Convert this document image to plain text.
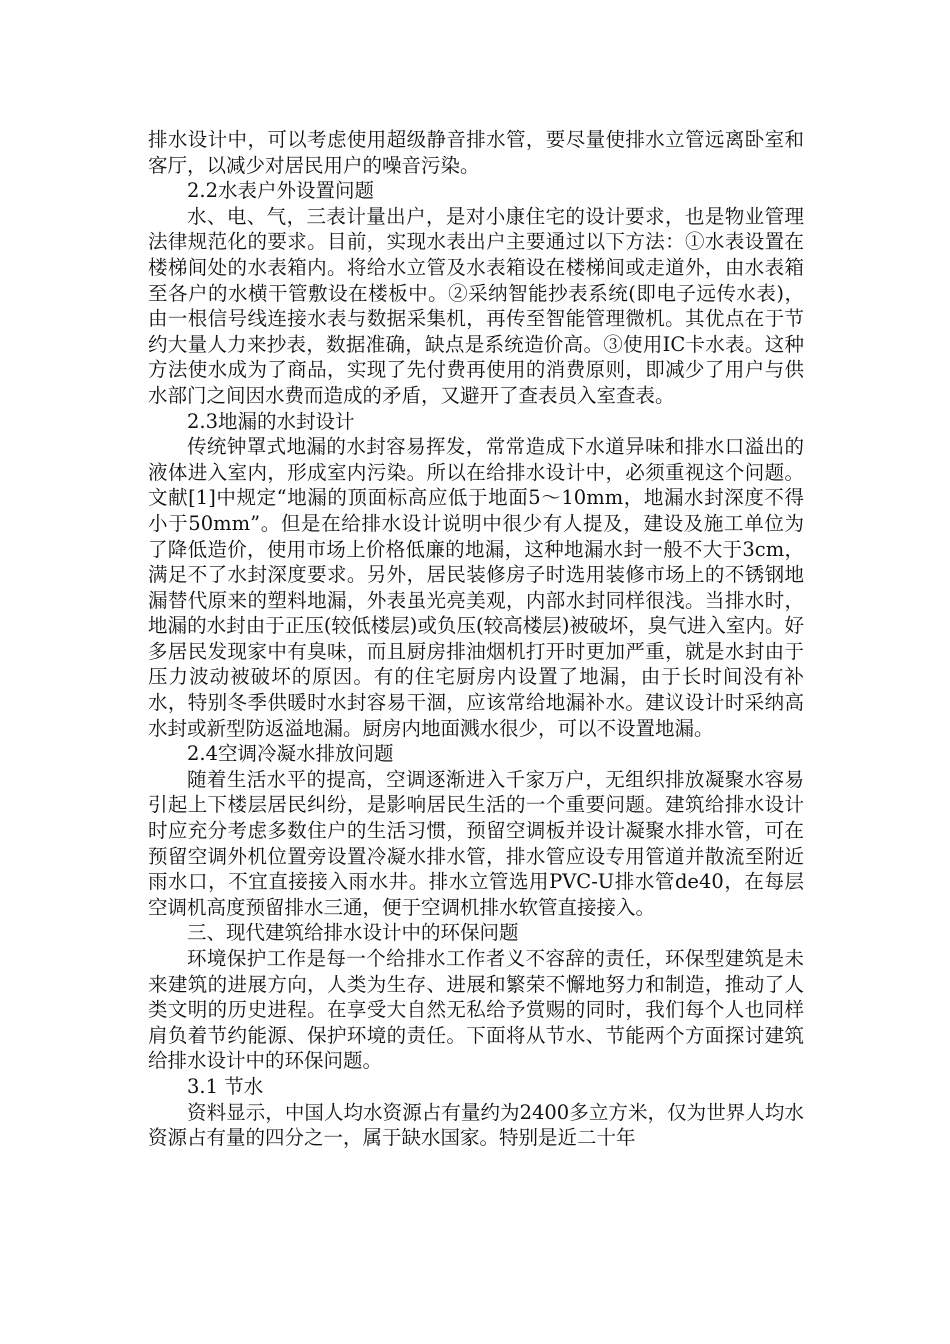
排水设计中，可以考虑使用超级静音排水管，要尽量使排水立管远离卧室和客厅，以减少对居民用户的噪音污染。

2.2水表户外设置问题

水、电、气，三表计量出户，是对小康住宅的设计要求，也是物业管理法律规范化的要求。目前，实现水表出户主要通过以下方法：①水表设置在楼梯间处的水表箱内。将给水立管及水表箱设在楼梯间或走道外，由水表箱至各户的水横干管敷设在楼板中。②采纳智能抄表系统(即电子远传水表)，由一根信号线连接水表与数据采集机，再传至智能管理微机。其优点在于节约大量人力来抄表，数据准确，缺点是系统造价高。③使用IC卡水表。这种方法使水成为了商品，实现了先付费再使用的消费原则，即减少了用户与供水部门之间因水费而造成的矛盾，又避开了查表员入室查表。

2.3地漏的水封设计

传统钟罩式地漏的水封容易挥发，常常造成下水道异味和排水口溢出的液体进入室内，形成室内污染。所以在给排水设计中，必须重视这个问题。文献[1]中规定“地漏的顶面标高应低于地面5～10mm，地漏水封深度不得小于50mm”。但是在给排水设计说明中很少有人提及，建设及施工单位为了降低造价，使用市场上价格低廉的地漏，这种地漏水封一般不大于3cm，满足不了水封深度要求。另外，居民装修房子时选用装修市场上的不锈钢地漏替代原来的塑料地漏，外表虽光亮美观，内部水封同样很浅。当排水时，地漏的水封由于正压(较低楼层)或负压(较高楼层)被破坏，臭气进入室内。好多居民发现家中有臭味，而且厨房排油烟机打开时更加严重，就是水封由于压力波动被破坏的原因。有的住宅厨房内设置了地漏，由于长时间没有补水，特别冬季供暖时水封容易干涸，应该常给地漏补水。建议设计时采纳高水封或新型防返溢地漏。厨房内地面溅水很少，可以不设置地漏。

2.4空调冷凝水排放问题

随着生活水平的提高，空调逐渐进入千家万户，无组织排放凝聚水容易引起上下楼层居民纠纷，是影响居民生活的一个重要问题。建筑给排水设计时应充分考虑多数住户的生活习惯，预留空调板并设计凝聚水排水管，可在预留空调外机位置旁设置冷凝水排水管，排水管应设专用管道并散流至附近雨水口，不宜直接接入雨水井。排水立管选用PVC-U排水管de40，在每层空调机高度预留排水三通，便于空调机排水软管直接接入。

三、现代建筑给排水设计中的环保问题

环境保护工作是每一个给排水工作者义不容辞的责任，环保型建筑是未来建筑的进展方向，人类为生存、进展和繁荣不懈地努力和制造，推动了人类文明的历史进程。在享受大自然无私给予赏赐的同时，我们每个人也同样肩负着节约能源、保护环境的责任。下面将从节水、节能两个方面探讨建筑给排水设计中的环保问题。

3.1 节水

资料显示，中国人均水资源占有量约为2400多立方米，仅为世界人均水资源占有量的四分之一，属于缺水国家。特别是近二十年
